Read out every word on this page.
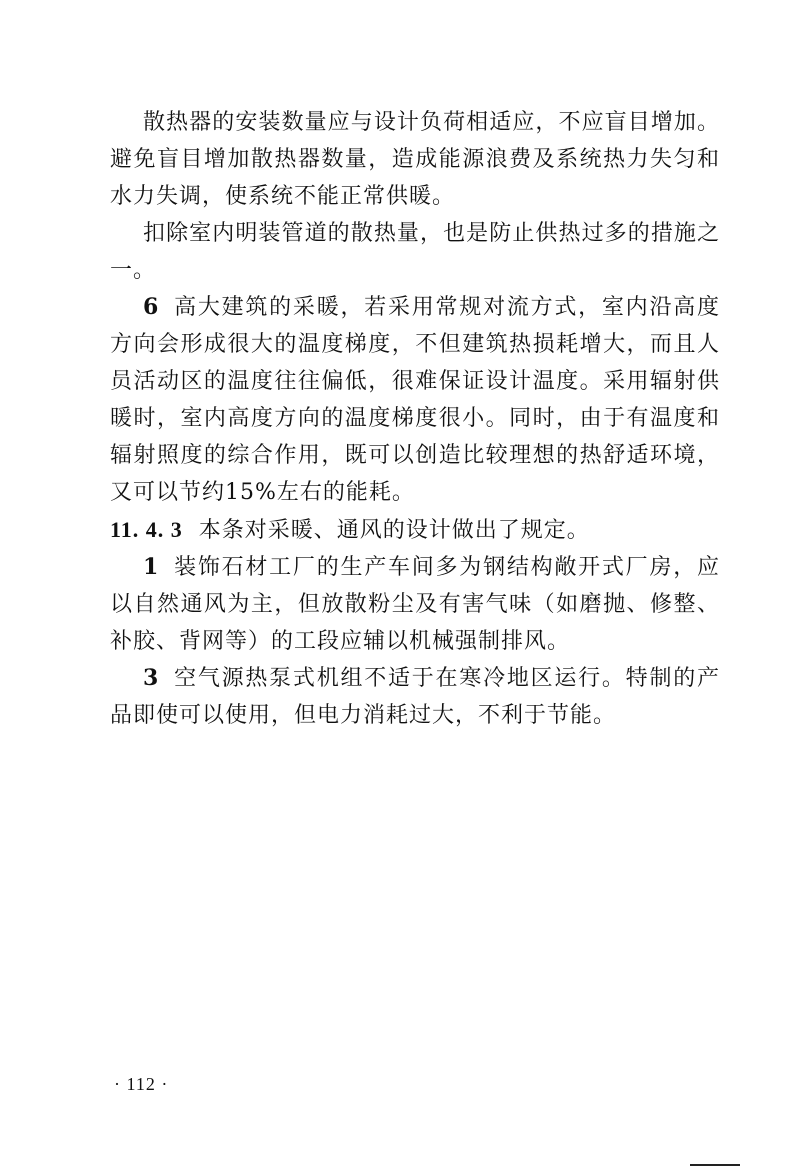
散热器的安装数量应与设计负荷相适应，不应盲目增加。避免盲目增加散热器数量，造成能源浪费及系统热力失匀和水力失调，使系统不能正常供暖。

扣除室内明装管道的散热量，也是防止供热过多的措施之一。

6 高大建筑的采暖，若采用常规对流方式，室内沿高度方向会形成很大的温度梯度，不但建筑热损耗增大，而且人员活动区的温度往往偏低，很难保证设计温度。采用辐射供暖时，室内高度方向的温度梯度很小。同时，由于有温度和辐射照度的综合作用，既可以创造比较理想的热舒适环境，又可以节约15%左右的能耗。

11. 4. 3 本条对采暖、通风的设计做出了规定。

1 装饰石材工厂的生产车间多为钢结构敞开式厂房，应以自然通风为主，但放散粉尘及有害气味（如磨抛、修整、补胶、背网等）的工段应辅以机械强制排风。

3 空气源热泵式机组不适于在寒冷地区运行。特制的产品即使可以使用，但电力消耗过大，不利于节能。

· 112 ·
